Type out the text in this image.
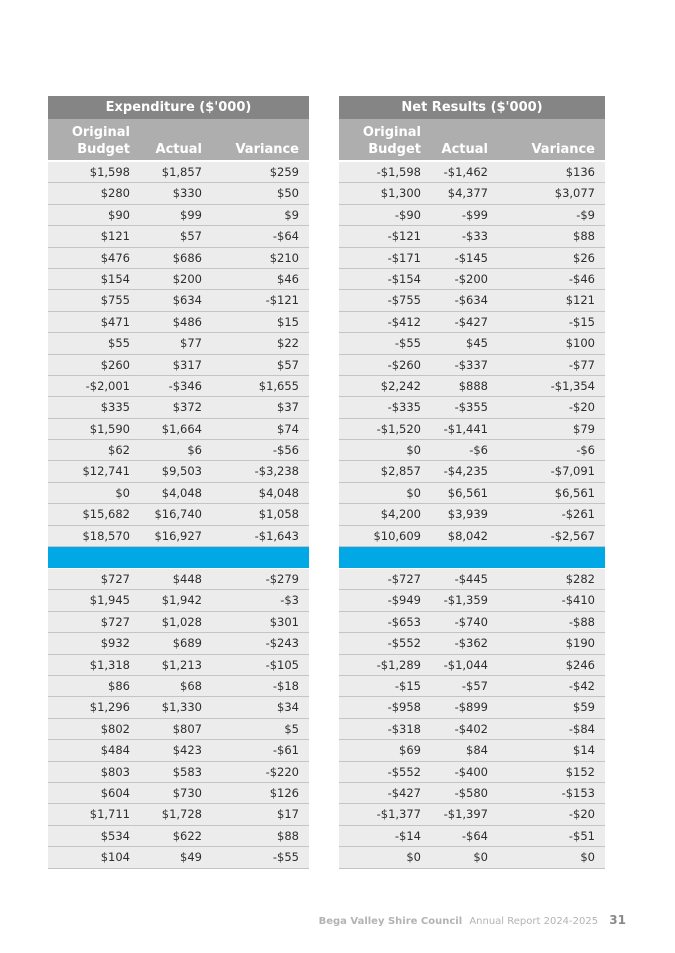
Expenditure ($'000)
Original
Budget	Actual	Variance
$1,598	$1,857	$259
$280	$330	$50
$90	$99	$9
$121	$57	-$64
$476	$686	$210
$154	$200	$46
$755	$634	-$121
$471	$486	$15
$55	$77	$22
$260	$317	$57
-$2,001	-$346	$1,655
$335	$372	$37
$1,590	$1,664	$74
$62	$6	-$56
$12,741	$9,503	-$3,238
$0	$4,048	$4,048
$15,682	$16,740	$1,058
$18,570	$16,927	-$1,643
$727	$448	-$279
$1,945	$1,942	-$3
$727	$1,028	$301
$932	$689	-$243
$1,318	$1,213	-$105
$86	$68	-$18
$1,296	$1,330	$34
$802	$807	$5
$484	$423	-$61
$803	$583	-$220
$604	$730	$126
$1,711	$1,728	$17
$534	$622	$88
$104	$49	-$55
Net Results ($'000)
Original
Budget	Actual	Variance
-$1,598	-$1,462	$136
$1,300	$4,377	$3,077
-$90	-$99	-$9
-$121	-$33	$88
-$171	-$145	$26
-$154	-$200	-$46
-$755	-$634	$121
-$412	-$427	-$15
-$55	$45	$100
-$260	-$337	-$77
$2,242	$888	-$1,354
-$335	-$355	-$20
-$1,520	-$1,441	$79
$0	-$6	-$6
$2,857	-$4,235	-$7,091
$0	$6,561	$6,561
$4,200	$3,939	-$261
$10,609	$8,042	-$2,567
-$727	-$445	$282
-$949	-$1,359	-$410
-$653	-$740	-$88
-$552	-$362	$190
-$1,289	-$1,044	$246
-$15	-$57	-$42
-$958	-$899	$59
-$318	-$402	-$84
$69	$84	$14
-$552	-$400	$152
-$427	-$580	-$153
-$1,377	-$1,397	-$20
-$14	-$64	-$51
$0	$0	$0
Bega Valley Shire Council Annual Report 2024-2025 31
